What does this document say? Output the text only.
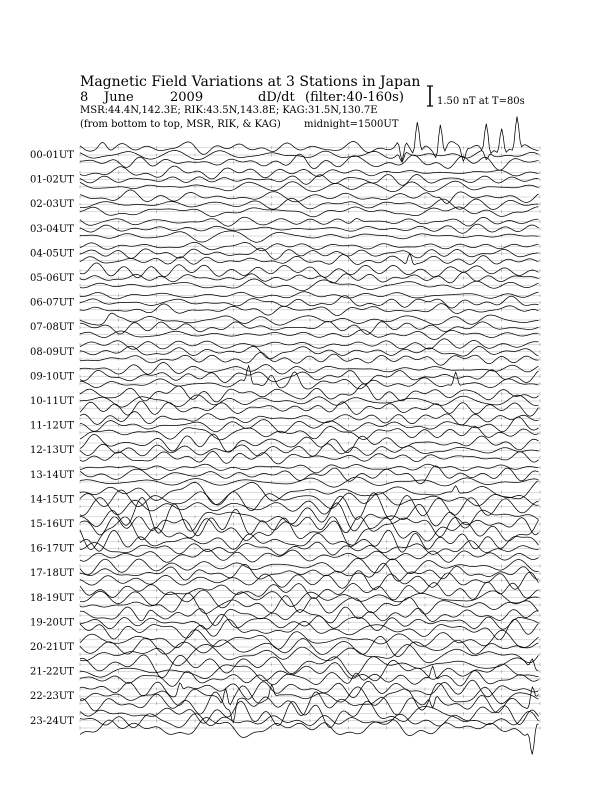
Magnetic Field Variations at 3 Stations in Japan
8 June	2009	dD/dt (filter:40-160s)
MSR:44.4N,142.3E; RIK:43.5N,143.8E; KAG:31.5N,130.7E
(from bottom to top, MSR, RIK, & KAG) midnight=1500UT
1.50 nT at T=80s
00-01UT
01-02UT
02-03UT
03-04UT
04-05UT
05-06UT
06-07UT
07-08UT
08-09UT
09-10UT
10-11UT
11-12UT
12-13UT
13-14UT
14-15UT
15-16UT
16-17UT
17-18UT
18-19UT
19-20UT
20-21UT
21-22UT
22-23UT
23-24UT
